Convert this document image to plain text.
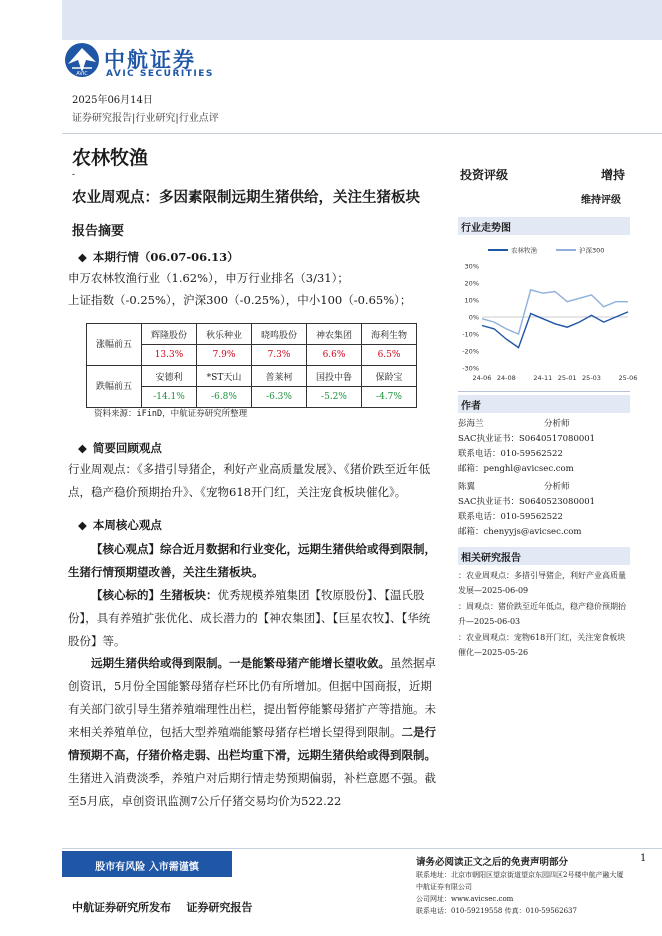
AVIC
中航证券
AVIC SECURITIES
2025年06月14日
证券研究报告|行业研究|行业点评
农林牧渔
-
农业周观点：多因素限制远期生猪供给，关注生猪板块
报告摘要
◆ 本期行情（06.07-06.13）
申万农林牧渔行业（1.62%），申万行业排名（3/31）；
上证指数（-0.25%），沪深300（-0.25%），中小100（-0.65%）；
涨幅前五	辉隆股份	秋乐种业	晓鸣股份	神农集团	海利生物
	13.3%	7.9%	7.3%	6.6%	6.5%
跌幅前五	安德利	*ST天山	普莱柯	国投中鲁	保龄宝
	-14.1%	-6.8%	-6.3%	-5.2%	-4.7%
资料来源：iFinD，中航证券研究所整理
◆ 简要回顾观点
行业周观点：《多措引导猪企，利好产业高质量发展》、《猪价跌至近年低
点，稳产稳价预期抬升》、《宠物618开门红，关注宠食板块催化》。
◆ 本周核心观点
【核心观点】综合近月数据和行业变化，远期生猪供给或得到限制，生猪行情预期望改善，关注生猪板块。
【核心标的】生猪板块：优秀规模养殖集团【牧原股份】、【温氏股份】，具有养殖扩张优化、成长潜力的【神农集团】、【巨星农牧】、【华统股份】等。
远期生猪供给或得到限制。一是能繁母猪产能增长望收敛。虽然据卓创资讯，5月份全国能繁母猪存栏环比仍有所增加。但据中国商报，近期有关部门欲引导生猪养殖端理性出栏，提出暂停能繁母猪扩产等措施。未来相关养殖单位，包括大型养殖端能繁母猪存栏增长望得到限制。二是行情预期不高，仔猪价格走弱、出栏均重下滑，远期生猪供给或得到限制。生猪进入消费淡季，养殖户对后期行情走势预期偏弱，补栏意愿不强。截至5月底，卓创资讯监测7公斤仔猪交易均价为522.22
投资评级	增持
维持评级
行业走势图
30%
20%
10%
0%
-10%
-20%
-30%
24-06 24-08	24-11 25-01 25-03	25-06
农林牧渔	沪深300
作者
彭海兰	分析师
SAC执业证书：S0640517080001
联系电话：010-59562522
邮箱：penghl@avicsec.com
陈翼	分析师
SAC执业证书：S0640523080001
联系电话：010-59562522
邮箱：chenyyjs@avicsec.com
相关研究报告
：农业周观点：多措引导猪企，利好产业高质量发展—2025-06-09
：周观点：猪价跌至近年低点，稳产稳价预期抬升—2025-06-03
：农业周观点：宠物618开门红，关注宠食板块催化—2025-05-26
股市有风险 入市需谨慎	请务必阅读正文之后的免责声明部分	1
联系地址：北京市朝阳区望京街道望京东园四区2号楼中航产融大厦
中航证券有限公司
公司网址：www.avicsec.com
联系电话：010-59219558 传真：010-59562637
中航证券研究所发布 证券研究报告
